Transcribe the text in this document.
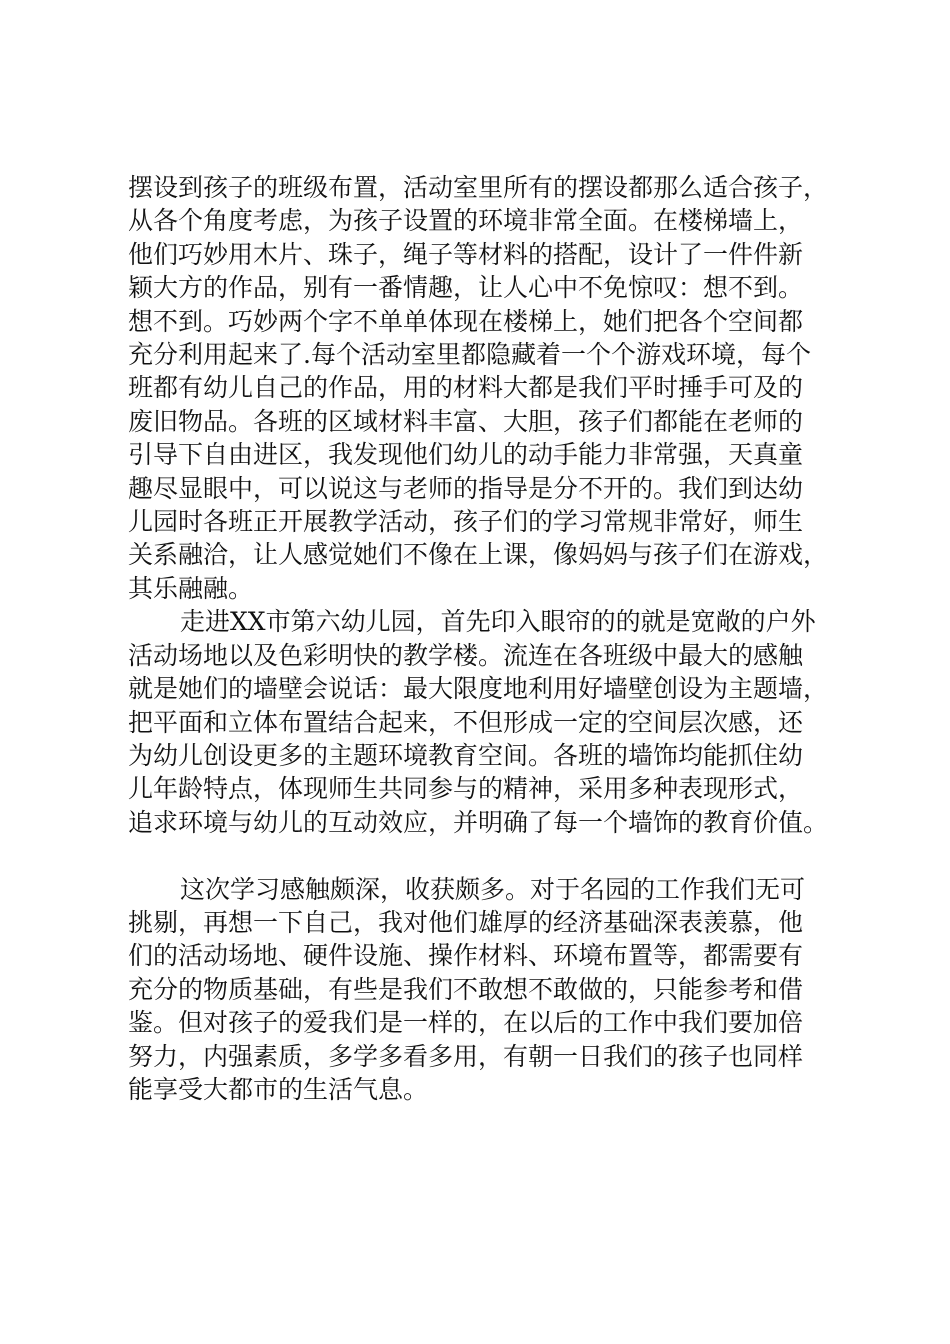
摆设到孩子的班级布置，活动室里所有的摆设都那么适合孩子，
从各个角度考虑，为孩子设置的环境非常全面。在楼梯墙上，
他们巧妙用木片、珠子，绳子等材料的搭配，设计了一件件新
颖大方的作品，别有一番情趣，让人心中不免惊叹：想不到。
想不到。巧妙两个字不单单体现在楼梯上，她们把各个空间都
充分利用起来了.每个活动室里都隐藏着一个个游戏环境，每个
班都有幼儿自己的作品，用的材料大都是我们平时捶手可及的
废旧物品。各班的区域材料丰富、大胆，孩子们都能在老师的
引导下自由进区，我发现他们幼儿的动手能力非常强，天真童
趣尽显眼中，可以说这与老师的指导是分不开的。我们到达幼
儿园时各班正开展教学活动，孩子们的学习常规非常好，师生
关系融洽，让人感觉她们不像在上课，像妈妈与孩子们在游戏，
其乐融融。
走进XX市第六幼儿园，首先印入眼帘的的就是宽敞的户外
活动场地以及色彩明快的教学楼。流连在各班级中最大的感触
就是她们的墙壁会说话：最大限度地利用好墙壁创设为主题墙，
把平面和立体布置结合起来，不但形成一定的空间层次感，还
为幼儿创设更多的主题环境教育空间。各班的墙饰均能抓住幼
儿年龄特点，体现师生共同参与的精神，采用多种表现形式，
追求环境与幼儿的互动效应，并明确了每一个墙饰的教育价值。
这次学习感触颇深，收获颇多。对于名园的工作我们无可
挑剔，再想一下自己，我对他们雄厚的经济基础深表羡慕，他
们的活动场地、硬件设施、操作材料、环境布置等，都需要有
充分的物质基础，有些是我们不敢想不敢做的，只能参考和借
鉴。但对孩子的爱我们是一样的，在以后的工作中我们要加倍
努力，内强素质，多学多看多用，有朝一日我们的孩子也同样
能享受大都市的生活气息。
